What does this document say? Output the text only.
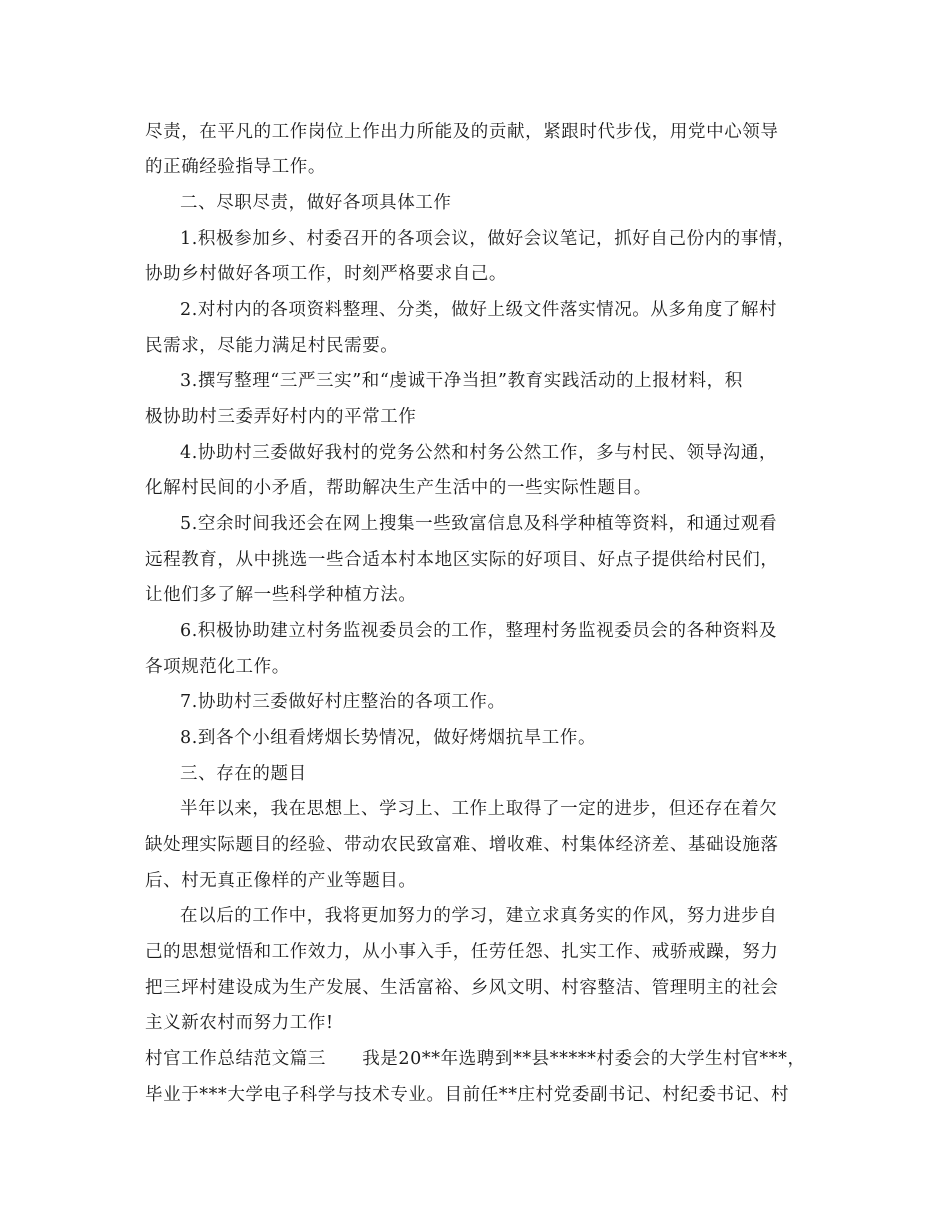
尽责，在平凡的工作岗位上作出力所能及的贡献，紧跟时代步伐，用党中心领导
的正确经验指导工作。
二、尽职尽责，做好各项具体工作
1.积极参加乡、村委召开的各项会议，做好会议笔记，抓好自己份内的事情，
协助乡村做好各项工作，时刻严格要求自己。
2.对村内的各项资料整理、分类，做好上级文件落实情况。从多角度了解村
民需求，尽能力满足村民需要。
3.撰写整理“三严三实”和“虔诚干净当担”教育实践活动的上报材料，积
极协助村三委弄好村内的平常工作
4.协助村三委做好我村的党务公然和村务公然工作，多与村民、领导沟通，
化解村民间的小矛盾，帮助解决生产生活中的一些实际性题目。
5.空余时间我还会在网上搜集一些致富信息及科学种植等资料，和通过观看
远程教育，从中挑选一些合适本村本地区实际的好项目、好点子提供给村民们，
让他们多了解一些科学种植方法。
6.积极协助建立村务监视委员会的工作，整理村务监视委员会的各种资料及
各项规范化工作。
7.协助村三委做好村庄整治的各项工作。
8.到各个小组看烤烟长势情况，做好烤烟抗旱工作。
三、存在的题目
半年以来，我在思想上、学习上、工作上取得了一定的进步，但还存在着欠
缺处理实际题目的经验、带动农民致富难、增收难、村集体经济差、基础设施落
后、村无真正像样的产业等题目。
在以后的工作中，我将更加努力的学习，建立求真务实的作风，努力进步自
己的思想觉悟和工作效力，从小事入手，任劳任怨、扎实工作、戒骄戒躁，努力
把三坪村建设成为生产发展、生活富裕、乡风文明、村容整洁、管理明主的社会
主义新农村而努力工作!
村官工作总结范文篇三　　我是20**年选聘到**县*****村委会的大学生村官***，
毕业于***大学电子科学与技术专业。目前任**庄村党委副书记、村纪委书记、村
